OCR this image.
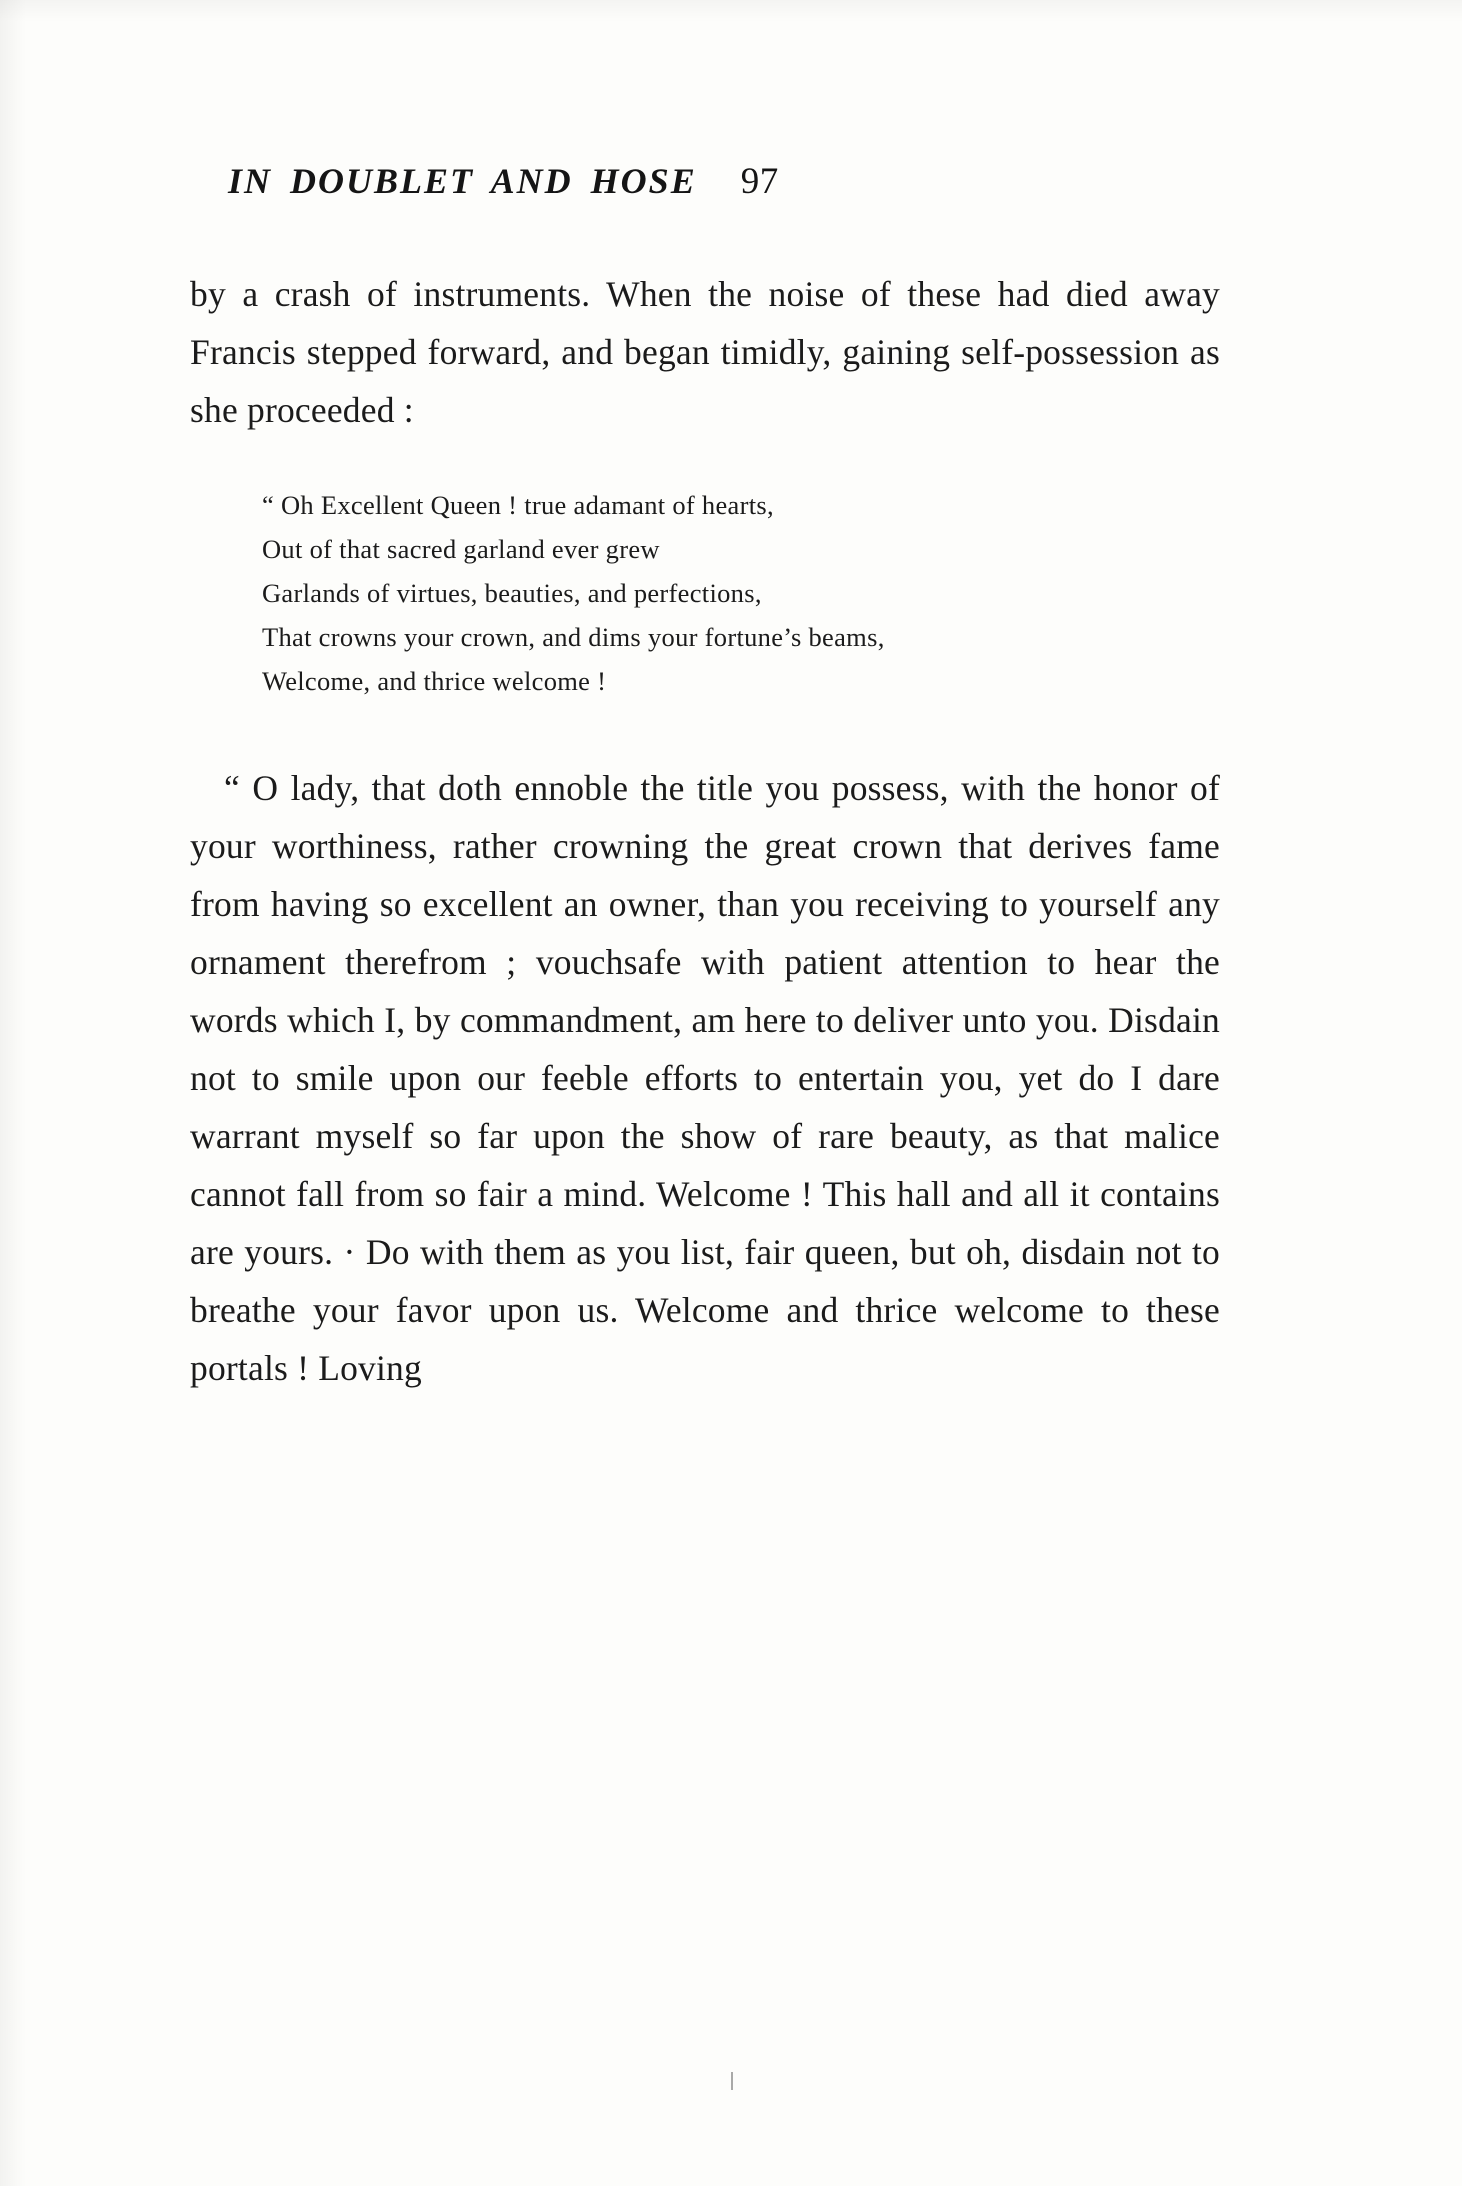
IN DOUBLET AND HOSE 97

by a crash of instruments. When the noise of these had died away Francis stepped forward, and began timidly, gaining self-possession as she proceeded :

“ Oh Excellent Queen ! true adamant of hearts,
Out of that sacred garland ever grew
Garlands of virtues, beauties, and perfections,
That crowns your crown, and dims your fortune’s beams,
Welcome, and thrice welcome !

“ O lady, that doth ennoble the title you possess, with the honor of your worthiness, rather crowning the great crown that derives fame from having so excellent an owner, than you receiving to yourself any ornament therefrom ; vouchsafe with patient attention to hear the words which I, by commandment, am here to deliver unto you. Disdain not to smile upon our feeble efforts to entertain you, yet do I dare warrant myself so far upon the show of rare beauty, as that malice cannot fall from so fair a mind. Welcome ! This hall and all it contains are yours. · Do with them as you list, fair queen, but oh, disdain not to breathe your favor upon us. Welcome and thrice welcome to these portals ! Loving
